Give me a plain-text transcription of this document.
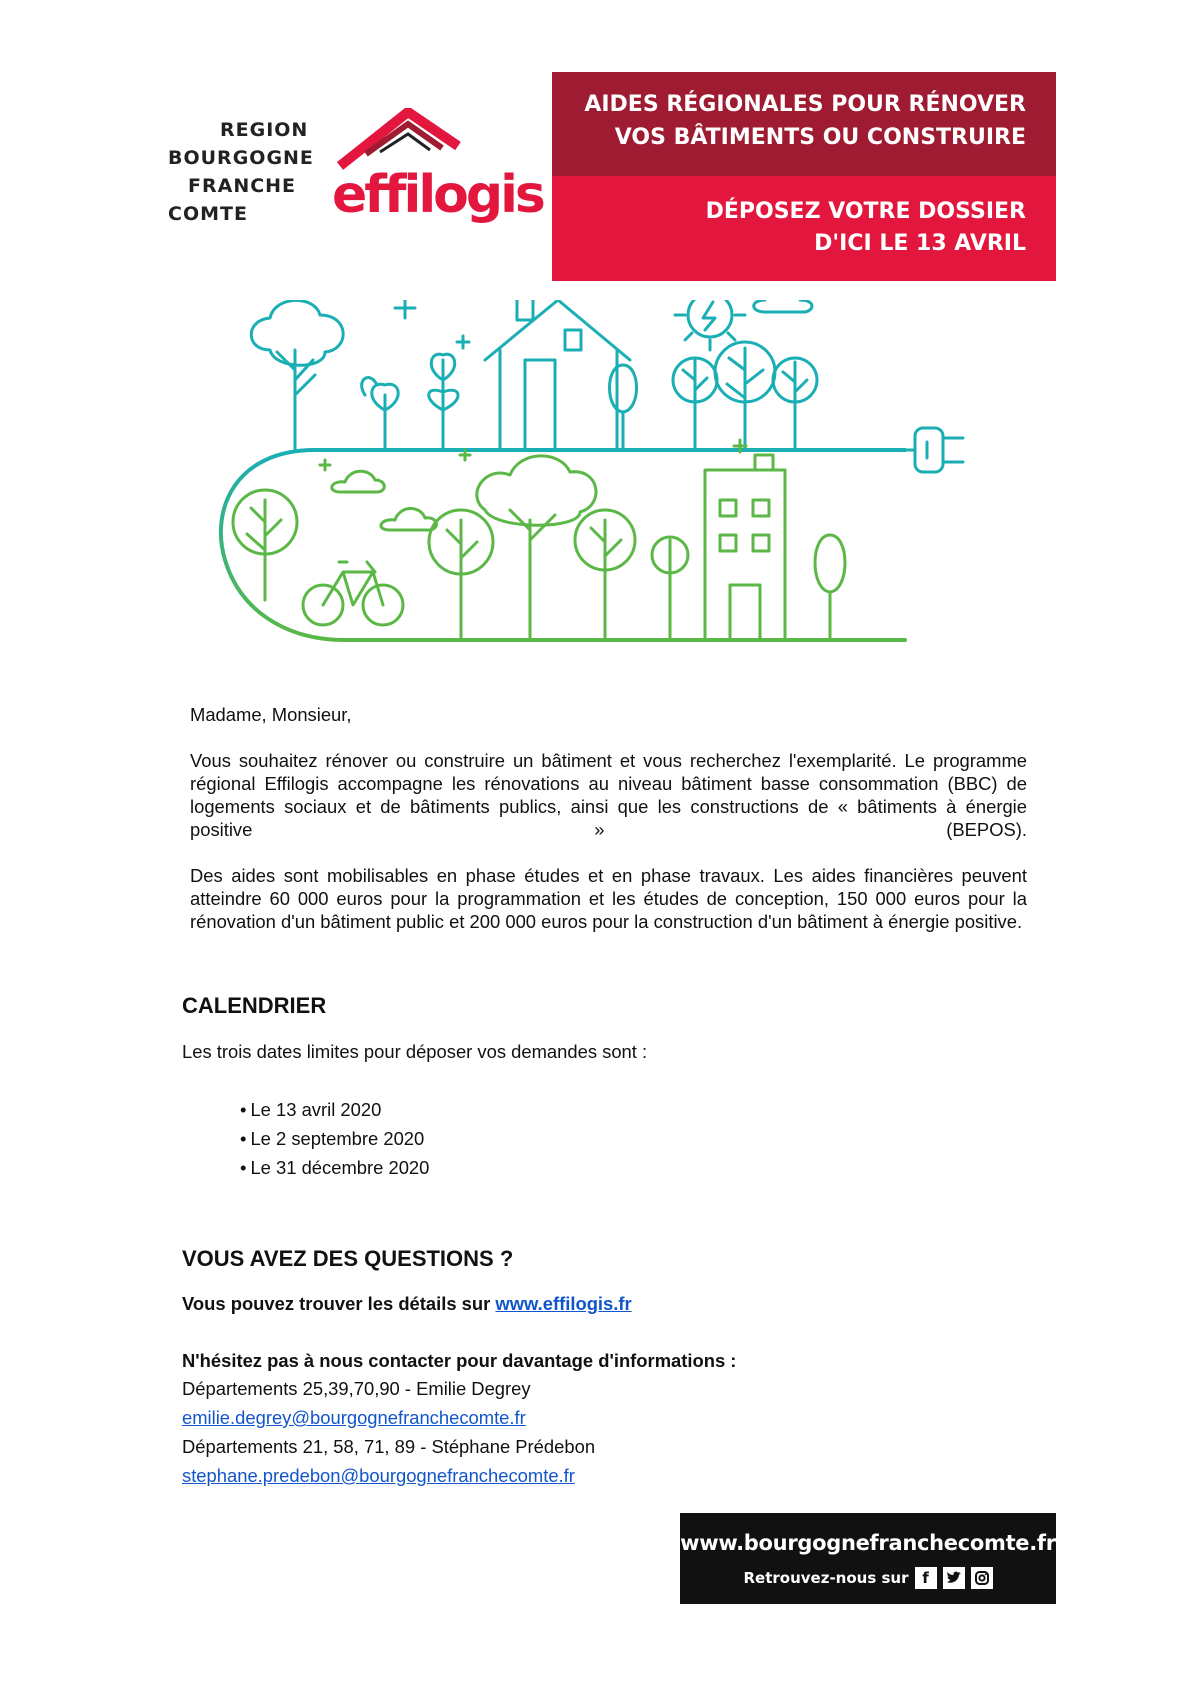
REGION
BOURGOGNE
FRANCHE
COMTE	effilogis
AIDES RÉGIONALES POUR RÉNOVER
VOS BÂTIMENTS OU CONSTRUIRE
DÉPOSEZ VOTRE DOSSIER
D'ICI LE 13 AVRIL
Madame, Monsieur,
Vous souhaitez rénover ou construire un bâtiment et vous recherchez l'exemplarité. Le programme régional Effilogis accompagne les rénovations au niveau bâtiment basse consommation (BBC) de logements sociaux et de bâtiments publics, ainsi que les constructions de « bâtiments à énergie positive » (BEPOS).
Des aides sont mobilisables en phase études et en phase travaux. Les aides financières peuvent atteindre 60 000 euros pour la programmation et les études de conception, 150 000 euros pour la rénovation d'un bâtiment public et 200 000 euros pour la construction d'un bâtiment à énergie positive.
CALENDRIER
Les trois dates limites pour déposer vos demandes sont :
• Le 13 avril 2020
• Le 2 septembre 2020
• Le 31 décembre 2020
VOUS AVEZ DES QUESTIONS ?
Vous pouvez trouver les détails sur www.effilogis.fr
N'hésitez pas à nous contacter pour davantage d'informations :
Départements 25,39,70,90 - Emilie Degrey
emilie.degrey@bourgognefranchecomte.fr
Départements 21, 58, 71, 89 - Stéphane Prédebon
stephane.predebon@bourgognefranchecomte.fr
www.bourgognefranchecomte.fr
Retrouvez-nous sur f
